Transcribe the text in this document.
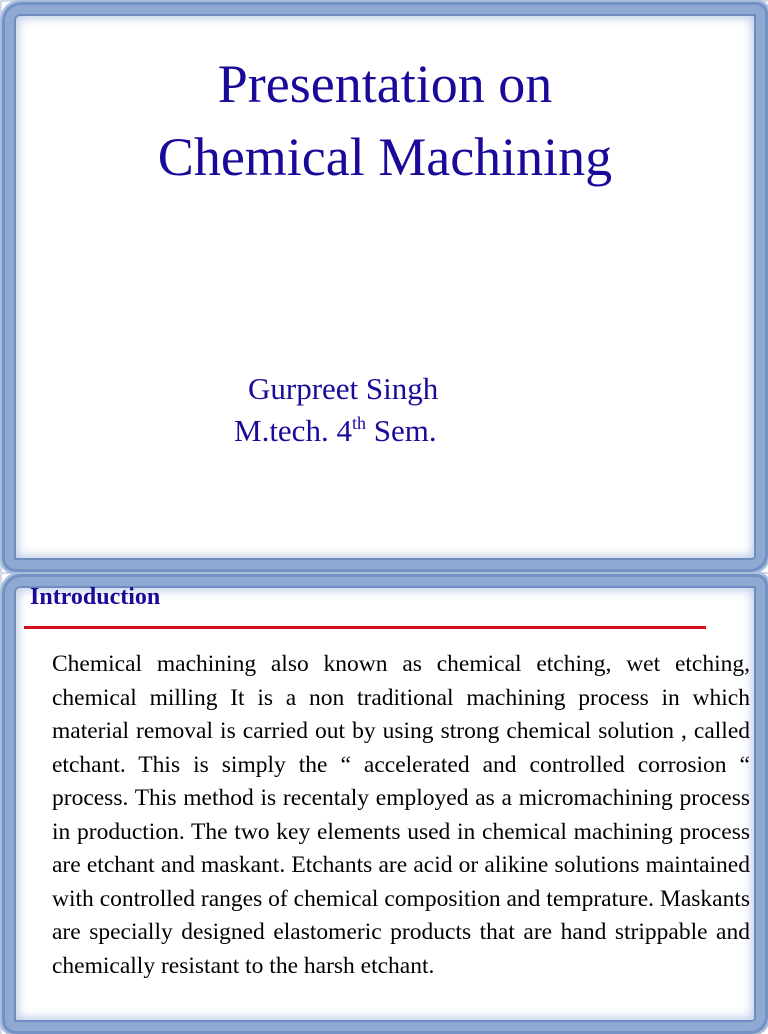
Presentation on
Chemical Machining
Gurpreet Singh
M.tech. 4th Sem.
Introduction

Chemical machining also known as chemical etching, wet etching, chemical milling It is a non traditional machining process in which material removal is carried out by using strong chemical solution , called etchant. This is simply the “ accelerated and controlled corrosion “ process. This method is recentaly employed as a micromachining process in production. The two key elements used in chemical machining process are etchant and maskant. Etchants are acid or alikine solutions maintained with controlled ranges of chemical composition and temprature. Maskants are specially designed elastomeric products that are hand strippable and chemically resistant to the harsh etchant.
